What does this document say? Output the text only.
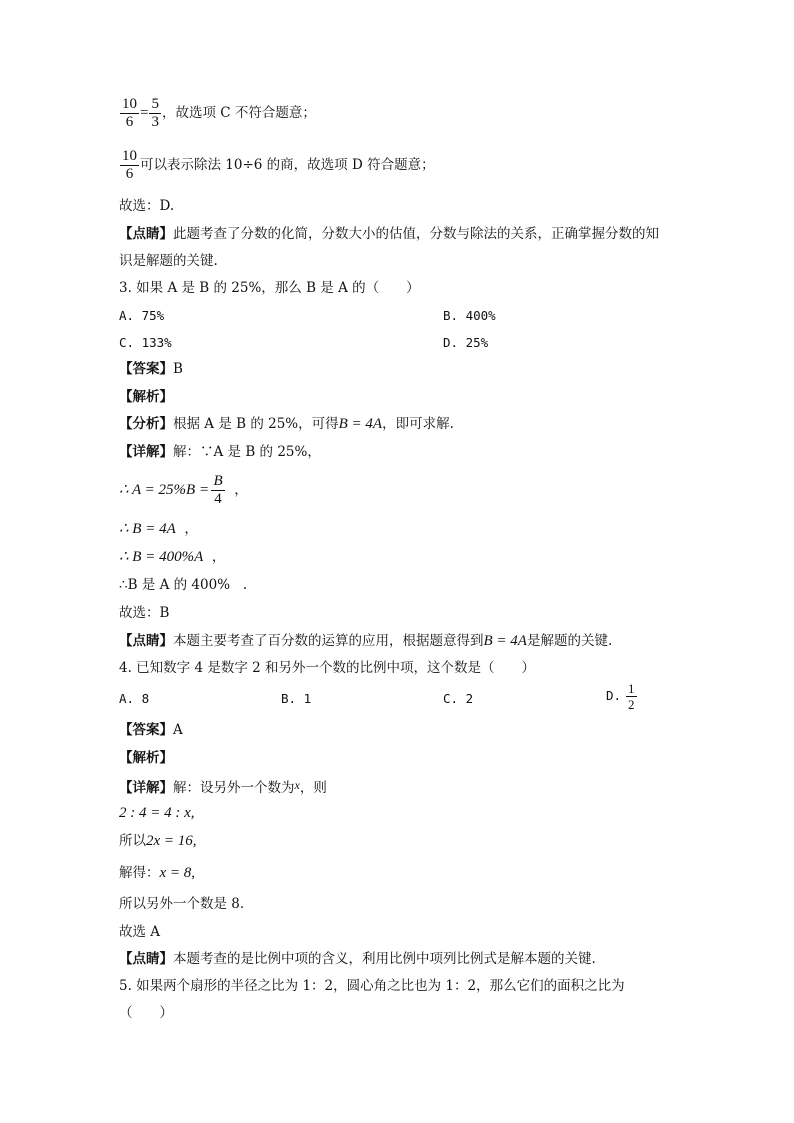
$\frac{10}{6} = \frac{5}{3}$ ，故选项 C 不符合题意；
$\frac{10}{6}$ 可以表示除法 10÷6 的商，故选项 D 符合题意；
故选：D.
【点睛】此题考查了分数的化简，分数大小的估值，分数与除法的关系，正确掌握分数的知
识是解题的关键.
3. 如果 A 是 B 的 25%，那么 B 是 A 的（　　）
A. 75%	B. 400%
C. 133%	D. 25%
【答案】B
【解析】
【分析】根据 A 是 B 的 25%，可得B = 4A，即可求解.
【详解】解：∵A 是 B 的 25%，
∴ A = 25%B =  $\frac{B}{4}$ ，
∴ B = 4A ，
∴ B = 400%A ，
∴B 是 A 的 400% .
故选：B
【点睛】本题主要考查了百分数的运算的应用，根据题意得到B = 4A是解题的关键.
4. 已知数字 4 是数字 2 和另外一个数的比例中项，这个数是（　　）
A. 8	B. 1	C. 2	D. $\frac{1}{2}$
【答案】A
【解析】
【详解】解：设另外一个数为x，则
2 : 4 = 4 : x,
所以2x = 16,
解得：x = 8,
所以另外一个数是 8.
故选 A
【点睛】本题考查的是比例中项的含义，利用比例中项列比例式是解本题的关键.
5. 如果两个扇形的半径之比为 1：2，圆心角之比也为 1：2，那么它们的面积之比为
（　　）
